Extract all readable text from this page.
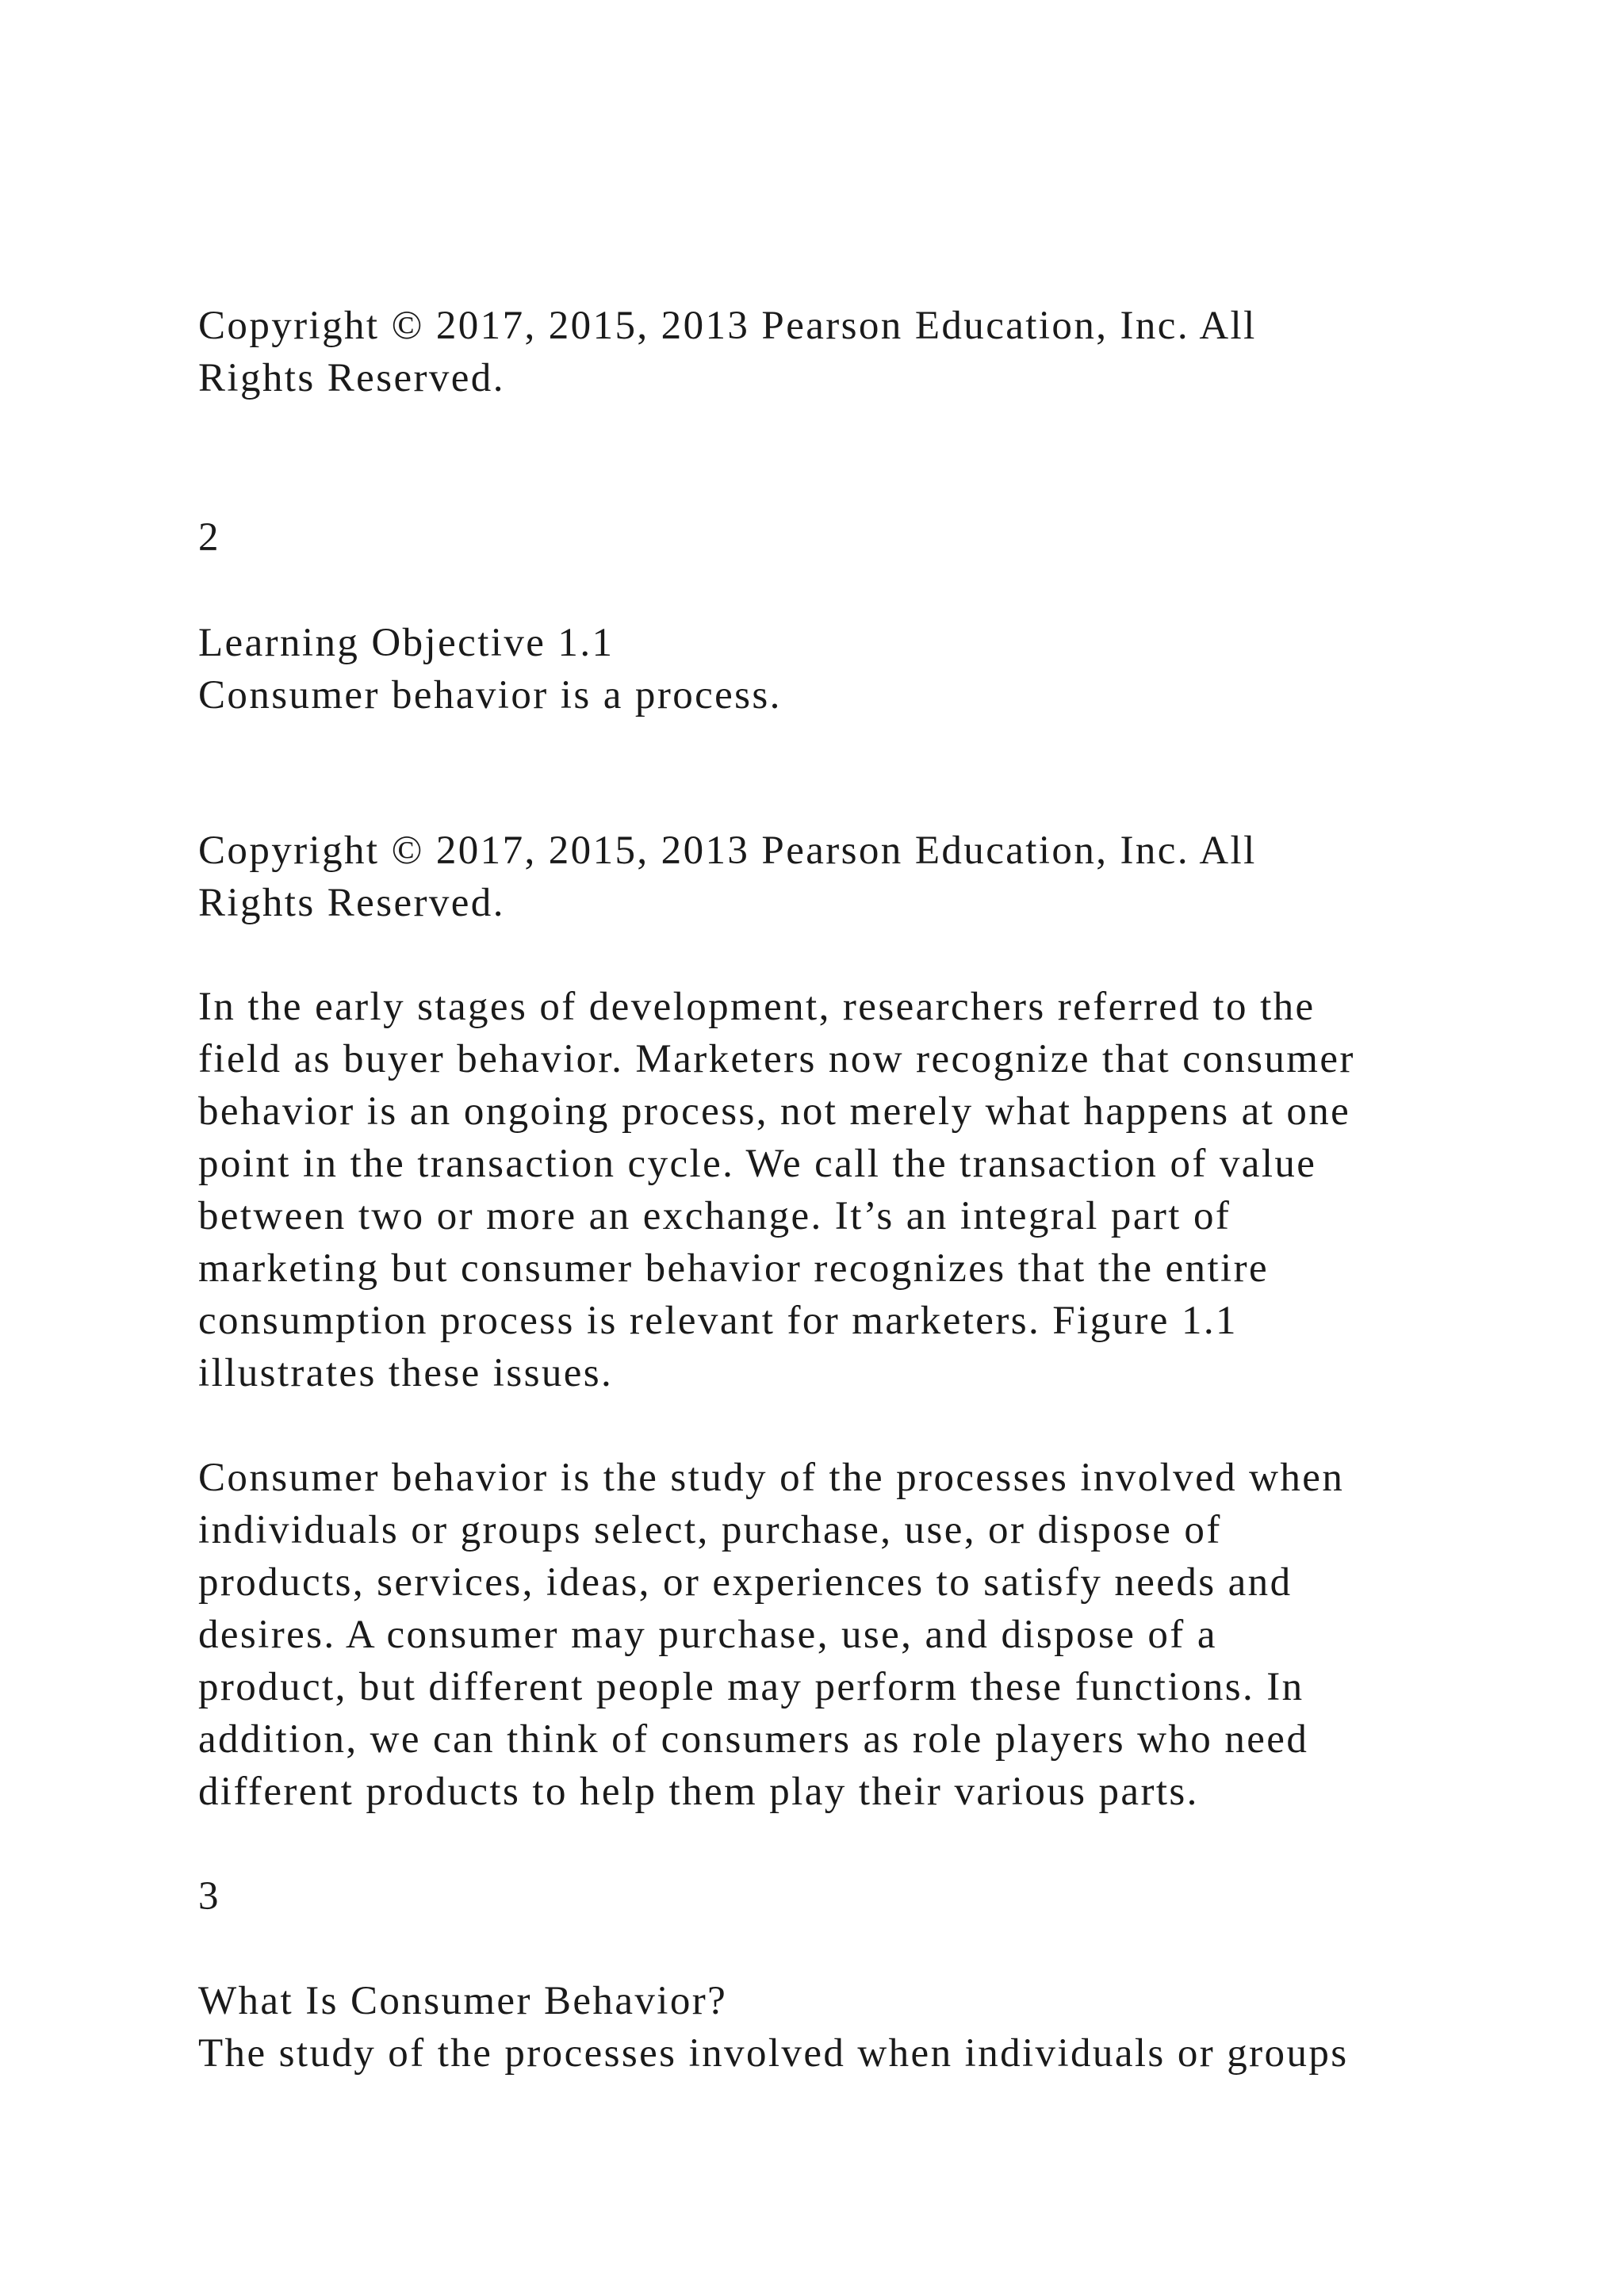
Copyright © 2017, 2015, 2013 Pearson Education, Inc. All
Rights Reserved.
2
Learning Objective 1.1
Consumer behavior is a process.
Copyright © 2017, 2015, 2013 Pearson Education, Inc. All
Rights Reserved.
In the early stages of development, researchers referred to the
field as buyer behavior. Marketers now recognize that consumer
behavior is an ongoing process, not merely what happens at one
point in the transaction cycle. We call the transaction of value
between two or more an exchange. It’s an integral part of
marketing but consumer behavior recognizes that the entire
consumption process is relevant for marketers. Figure 1.1
illustrates these issues.
Consumer behavior is the study of the processes involved when
individuals or groups select, purchase, use, or dispose of
products, services, ideas, or experiences to satisfy needs and
desires. A consumer may purchase, use, and dispose of a
product, but different people may perform these functions. In
addition, we can think of consumers as role players who need
different products to help them play their various parts.
3
What Is Consumer Behavior?
The study of the processes involved when individuals or groups
